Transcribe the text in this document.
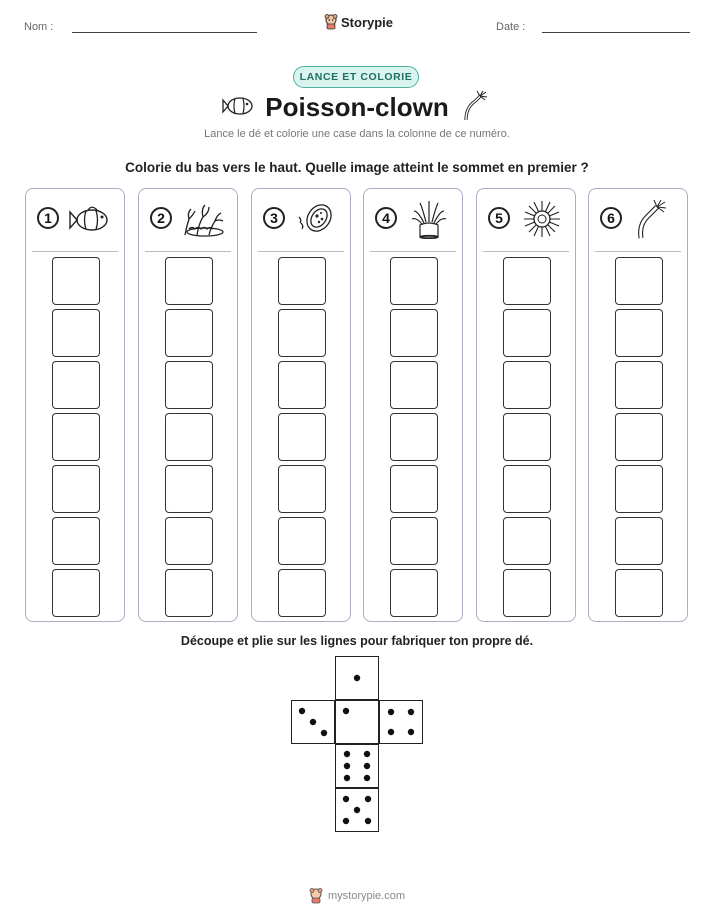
Nom :	Storypie	Date :
LANCE ET COLORIE
Poisson-clown
Lance le dé et colorie une case dans la colonne de ce numéro.
Colorie du bas vers le haut. Quelle image atteint le sommet en premier ?
1	2	3	4	5	6
Découpe et plie sur les lignes pour fabriquer ton propre dé.
mystorypie.com
